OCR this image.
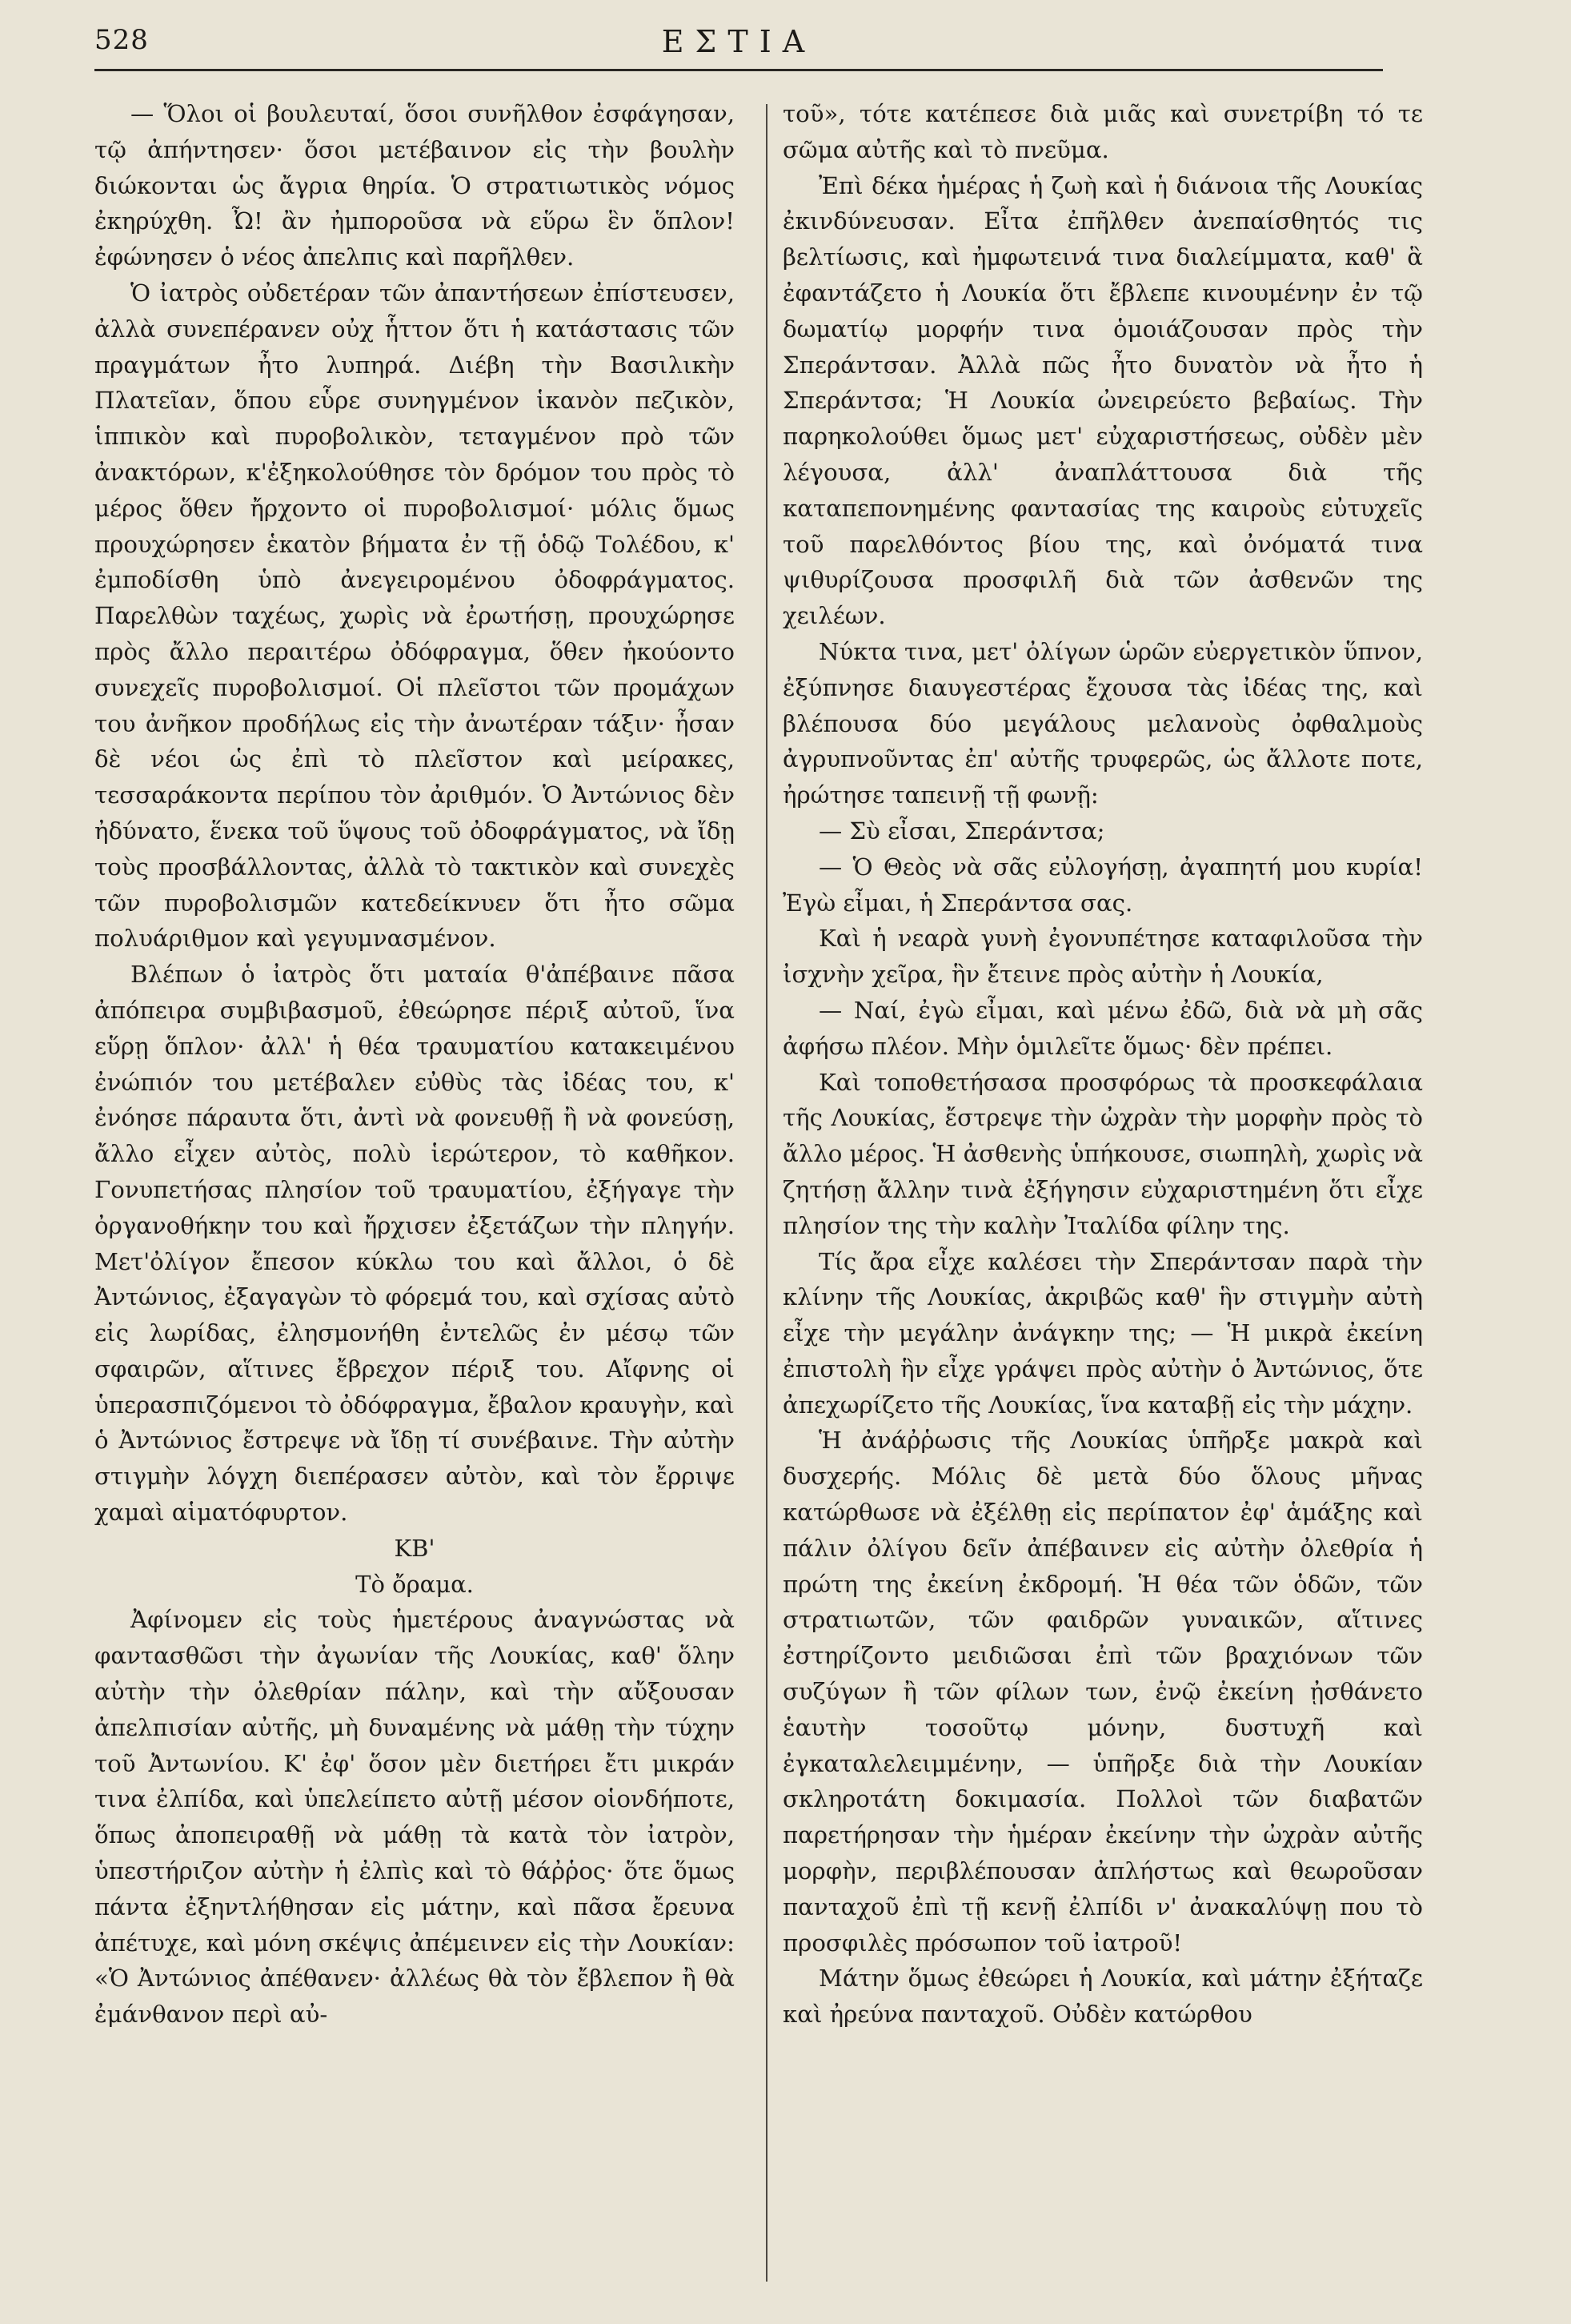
528	ΕΣΤΙΑ

— Ὅλοι οἱ βουλευταί, ὅσοι συνῆλθον ἐσφάγησαν, τῷ ἀπήντησεν· ὅσοι μετέβαινον εἰς τὴν βουλὴν διώκονται ὡς ἄγρια θηρία. Ὁ στρατιωτικὸς νόμος ἐκηρύχθη. Ὦ! ἂν ἠμποροῦσα νὰ εὕρω ἓν ὅπλον! ἐφώνησεν ὁ νέος ἀπελπις καὶ παρῆλθεν.

Ὁ ἰατρὸς οὐδετέραν τῶν ἀπαντήσεων ἐπίστευσεν, ἀλλὰ συνεπέρανεν οὐχ ἧττον ὅτι ἡ κατάστασις τῶν πραγμάτων ἦτο λυπηρά. Διέβη τὴν Βασιλικὴν Πλατεῖαν, ὅπου εὗρε συνηγμένον ἱκανὸν πεζικὸν, ἱππικὸν καὶ πυροβολικὸν, τεταγμένον πρὸ τῶν ἀνακτόρων, κ'ἐξηκολούθησε τὸν δρόμον του πρὸς τὸ μέρος ὅθεν ἤρχοντο οἱ πυροβολισμοί· μόλις ὅμως προυχώρησεν ἑκατὸν βήματα ἐν τῇ ὁδῷ Τολέδου, κ' ἐμποδίσθη ὑπὸ ἀνεγειρομένου ὀδοφράγματος. Παρελθὼν ταχέως, χωρὶς νὰ ἐρωτήσῃ, προυχώρησε πρὸς ἄλλο περαιτέρω ὀδόφραγμα, ὅθεν ἠκούοντο συνεχεῖς πυροβολισμοί. Οἱ πλεῖστοι τῶν προμάχων του ἀνῆκον προδήλως εἰς τὴν ἀνωτέραν τάξιν· ἦσαν δὲ νέοι ὡς ἐπὶ τὸ πλεῖστον καὶ μείρακες, τεσσαράκοντα περίπου τὸν ἀριθμόν. Ὁ Ἀντώνιος δὲν ἠδύνατο, ἕνεκα τοῦ ὕψους τοῦ ὀδοφράγματος, νὰ ἴδῃ τοὺς προσβάλλοντας, ἀλλὰ τὸ τακτικὸν καὶ συνεχὲς τῶν πυροβολισμῶν κατεδείκνυεν ὅτι ἦτο σῶμα πολυάριθμον καὶ γεγυμνασμένον.

Βλέπων ὁ ἰατρὸς ὅτι ματαία θ'ἀπέβαινε πᾶσα ἀπόπειρα συμβιβασμοῦ, ἐθεώρησε πέριξ αὐτοῦ, ἵνα εὕρῃ ὅπλον· ἀλλ' ἡ θέα τραυματίου κατακειμένου ἐνώπιόν του μετέβαλεν εὐθὺς τὰς ἰδέας του, κ' ἐνόησε πάραυτα ὅτι, ἀντὶ νὰ φονευθῇ ἢ νὰ φονεύσῃ, ἄλλο εἶχεν αὐτὸς, πολὺ ἱερώτερον, τὸ καθῆκον. Γονυπετήσας πλησίον τοῦ τραυματίου, ἐξήγαγε τὴν ὀργανοθήκην του καὶ ἤρχισεν ἐξετάζων τὴν πληγήν. Μετ'ὀλίγον ἔπεσον κύκλω του καὶ ἄλλοι, ὁ δὲ Ἀντώνιος, ἐξαγαγὼν τὸ φόρεμά του, καὶ σχίσας αὐτὸ εἰς λωρίδας, ἐλησμονήθη ἐντελῶς ἐν μέσῳ τῶν σφαιρῶν, αἵτινες ἔβρεχον πέριξ του. Αἴφνης οἱ ὑπερασπιζόμενοι τὸ ὀδόφραγμα, ἔβαλον κραυγὴν, καὶ ὁ Ἀντώνιος ἔστρεψε νὰ ἴδῃ τί συνέβαινε. Τὴν αὐτὴν στιγμὴν λόγχη διεπέρασεν αὐτὸν, καὶ τὸν ἔρριψε χαμαὶ αἱματόφυρτον.

ΚΒ'

Τὸ ὄραμα.

Ἀφίνομεν εἰς τοὺς ἡμετέρους ἀναγνώστας νὰ φαντασθῶσι τὴν ἀγωνίαν τῆς Λουκίας, καθ' ὅλην αὐτὴν τὴν ὀλεθρίαν πάλην, καὶ τὴν αὔξουσαν ἀπελπισίαν αὐτῆς, μὴ δυναμένης νὰ μάθῃ τὴν τύχην τοῦ Ἀντωνίου. Κ' ἐφ' ὅσον μὲν διετήρει ἔτι μικράν τινα ἐλπίδα, καὶ ὑπελείπετο αὐτῇ μέσον οἱονδήποτε, ὅπως ἀποπειραθῇ νὰ μάθῃ τὰ κατὰ τὸν ἰατρὸν, ὑπεστήριζον αὐτὴν ἡ ἐλπὶς καὶ τὸ θάῤῥος· ὅτε ὅμως πάντα ἐξηντλήθησαν εἰς μάτην, καὶ πᾶσα ἔρευνα ἀπέτυχε, καὶ μόνη σκέψις ἀπέμεινεν εἰς τὴν Λουκίαν: «Ὁ Ἀντώνιος ἀπέθανεν· ἀλλέως θὰ τὸν ἔβλεπον ἢ θὰ ἐμάνθανον περὶ αὐ-

τοῦ», τότε κατέπεσε διὰ μιᾶς καὶ συνετρίβη τό τε σῶμα αὐτῆς καὶ τὸ πνεῦμα.

Ἐπὶ δέκα ἡμέρας ἡ ζωὴ καὶ ἡ διάνοια τῆς Λουκίας ἐκινδύνευσαν. Εἶτα ἐπῆλθεν ἀνεπαίσθητός τις βελτίωσις, καὶ ἠμφωτεινά τινα διαλείμματα, καθ' ἃ ἐφαντάζετο ἡ Λουκία ὅτι ἔβλεπε κινουμένην ἐν τῷ δωματίῳ μορφήν τινα ὁμοιάζουσαν πρὸς τὴν Σπεράντσαν. Ἀλλὰ πῶς ἦτο δυνατὸν νὰ ἦτο ἡ Σπεράντσα; Ἡ Λουκία ὠνειρεύετο βεβαίως. Τὴν παρηκολούθει ὅμως μετ' εὐχαριστήσεως, οὐδὲν μὲν λέγουσα, ἀλλ' ἀναπλάττουσα διὰ τῆς καταπεπονημένης φαντασίας της καιροὺς εὐτυχεῖς τοῦ παρελθόντος βίου της, καὶ ὀνόματά τινα ψιθυρίζουσα προσφιλῆ διὰ τῶν ἀσθενῶν της χειλέων.

Νύκτα τινα, μετ' ὀλίγων ὡρῶν εὐεργετικὸν ὕπνον, ἐξύπνησε διαυγεστέρας ἔχουσα τὰς ἰδέας της, καὶ βλέπουσα δύο μεγάλους μελανοὺς ὀφθαλμοὺς ἀγρυπνοῦντας ἐπ' αὐτῆς τρυφερῶς, ὡς ἄλλοτε ποτε, ἠρώτησε ταπεινῇ τῇ φωνῇ:

— Σὺ εἶσαι, Σπεράντσα;

— Ὁ Θεὸς νὰ σᾶς εὐλογήσῃ, ἀγαπητή μου κυρία! Ἐγὼ εἶμαι, ἡ Σπεράντσα σας.

Καὶ ἡ νεαρὰ γυνὴ ἐγονυπέτησε καταφιλοῦσα τὴν ἰσχνὴν χεῖρα, ἣν ἔτεινε πρὸς αὐτὴν ἡ Λουκία,

— Ναί, ἐγὼ εἶμαι, καὶ μένω ἐδῶ, διὰ νὰ μὴ σᾶς ἀφήσω πλέον. Μὴν ὁμιλεῖτε ὅμως· δὲν πρέπει.

Καὶ τοποθετήσασα προσφόρως τὰ προσκεφάλαια τῆς Λουκίας, ἔστρεψε τὴν ὠχρὰν τὴν μορφὴν πρὸς τὸ ἄλλο μέρος. Ἡ ἀσθενὴς ὑπήκουσε, σιωπηλὴ, χωρὶς νὰ ζητήσῃ ἄλλην τινὰ ἐξήγησιν εὐχαριστημένη ὅτι εἶχε πλησίον της τὴν καλὴν Ἰταλίδα φίλην της.

Τίς ἄρα εἶχε καλέσει τὴν Σπεράντσαν παρὰ τὴν κλίνην τῆς Λουκίας, ἀκριβῶς καθ' ἣν στιγμὴν αὐτὴ εἶχε τὴν μεγάλην ἀνάγκην της; — Ἡ μικρὰ ἐκείνη ἐπιστολὴ ἣν εἶχε γράψει πρὸς αὐτὴν ὁ Ἀντώνιος, ὅτε ἀπεχωρίζετο τῆς Λουκίας, ἵνα καταβῇ εἰς τὴν μάχην.

Ἡ ἀνάῤῥωσις τῆς Λουκίας ὑπῆρξε μακρὰ καὶ δυσχερής. Μόλις δὲ μετὰ δύο ὅλους μῆνας κατώρθωσε νὰ ἐξέλθῃ εἰς περίπατον ἐφ' ἁμάξης καὶ πάλιν ὀλίγου δεῖν ἀπέβαινεν εἰς αὐτὴν ὀλεθρία ἡ πρώτη της ἐκείνη ἐκδρομή. Ἡ θέα τῶν ὁδῶν, τῶν στρατιωτῶν, τῶν φαιδρῶν γυναικῶν, αἵτινες ἐστηρίζοντο μειδιῶσαι ἐπὶ τῶν βραχιόνων τῶν συζύγων ἢ τῶν φίλων των, ἐνῷ ἐκείνη ᾐσθάνετο ἑαυτὴν τοσοῦτῳ μόνην, δυστυχῆ καὶ ἐγκαταλελειμμένην, — ὑπῆρξε διὰ τὴν Λουκίαν σκληροτάτη δοκιμασία. Πολλοὶ τῶν διαβατῶν παρετήρησαν τὴν ἡμέραν ἐκείνην τὴν ὠχρὰν αὐτῆς μορφὴν, περιβλέπουσαν ἀπλήστως καὶ θεωροῦσαν πανταχοῦ ἐπὶ τῇ κενῇ ἐλπίδι ν' ἀνακαλύψῃ που τὸ προσφιλὲς πρόσωπον τοῦ ἰατροῦ!

Μάτην ὅμως ἐθεώρει ἡ Λουκία, καὶ μάτην ἐξήταζε καὶ ἠρεύνα πανταχοῦ. Οὐδὲν κατώρθου
